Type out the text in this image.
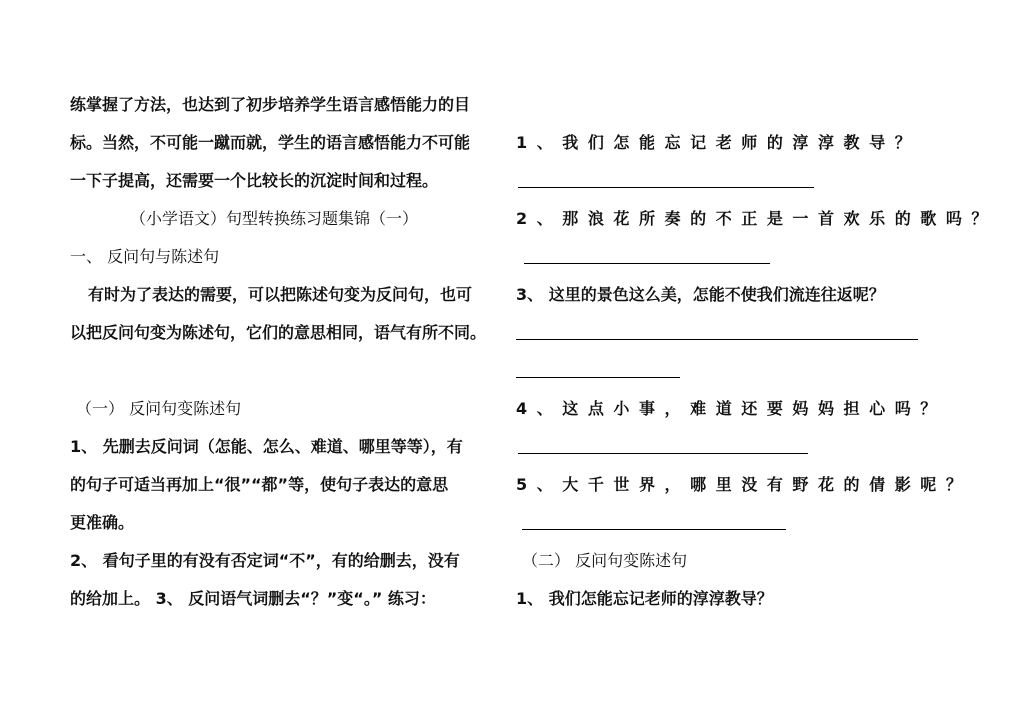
练掌握了方法，也达到了初步培养学生语言感悟能力的目
标。当然，不可能一蹴而就，学生的语言感悟能力不可能
一下子提高，还需要一个比较长的沉淀时间和过程。
（小学语文）句型转换练习题集锦（一）
一、 反问句与陈述句
有时为了表达的需要，可以把陈述句变为反问句，也可
以把反问句变为陈述句，它们的意思相同，语气有所不同。
（一） 反问句变陈述句
1、 先删去反问词（怎能、怎么、难道、哪里等等），有
的句子可适当再加上“很”“都”等，使句子表达的意思
更准确。
2、 看句子里的有没有否定词“不”，有的给删去，没有
的给加上。 3、 反问语气词删去“？”变“。” 练习：
1 、 我 们 怎 能 忘 记 老 师 的 淳 淳 教 导 ？
2 、 那 浪 花 所 奏 的 不 正 是 一 首 欢 乐 的 歌 吗 ？
3、 这里的景色这么美，怎能不使我们流连往返呢？
4 、 这 点 小 事 ， 难 道 还 要 妈 妈 担 心 吗 ？
5 、 大 千 世 界 ， 哪 里 没 有 野 花 的 倩 影 呢 ？
（二） 反问句变陈述句
1、 我们怎能忘记老师的淳淳教导？
